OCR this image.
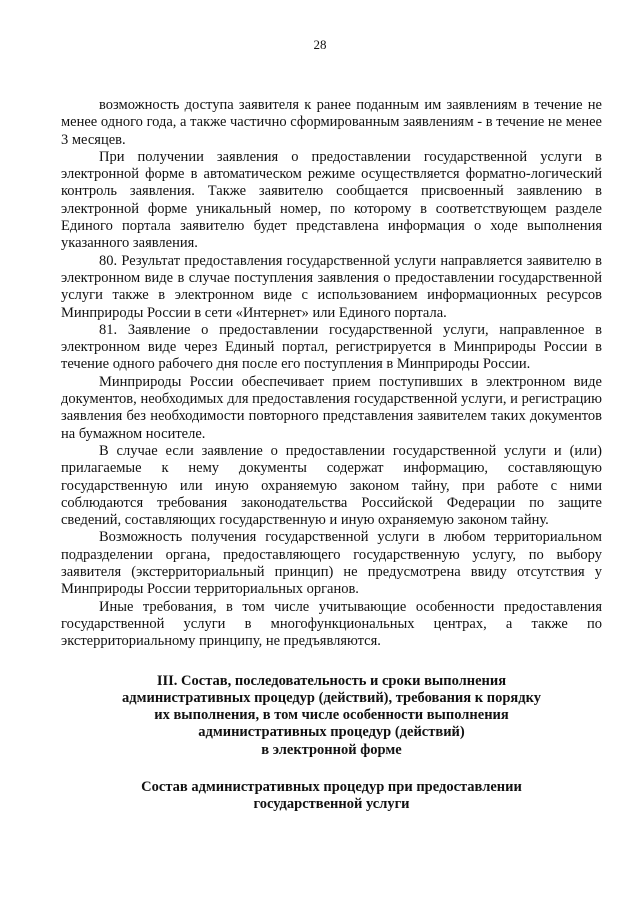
28

возможность доступа заявителя к ранее поданным им заявлениям в течение не менее одного года, а также частично сформированным заявлениям - в течение не менее 3 месяцев.

При получении заявления о предоставлении государственной услуги в электронной форме в автоматическом режиме осуществляется форматно-логический контроль заявления. Также заявителю сообщается присвоенный заявлению в электронной форме уникальный номер, по которому в соответствующем разделе Единого портала заявителю будет представлена информация о ходе выполнения указанного заявления.

80. Результат предоставления государственной услуги направляется заявителю в электронном виде в случае поступления заявления о предоставлении государственной услуги также в электронном виде с использованием информационных ресурсов Минприроды России в сети «Интернет» или Единого портала.

81. Заявление о предоставлении государственной услуги, направленное в электронном виде через Единый портал, регистрируется в Минприроды России в течение одного рабочего дня после его поступления в Минприроды России.

Минприроды России обеспечивает прием поступивших в электронном виде документов, необходимых для предоставления государственной услуги, и регистрацию заявления без необходимости повторного представления заявителем таких документов на бумажном носителе.

В случае если заявление о предоставлении государственной услуги и (или) прилагаемые к нему документы содержат информацию, составляющую государственную или иную охраняемую законом тайну, при работе с ними соблюдаются требования законодательства Российской Федерации по защите сведений, составляющих государственную и иную охраняемую законом тайну.

Возможность получения государственной услуги в любом территориальном подразделении органа, предоставляющего государственную услугу, по выбору заявителя (экстерриториальный принцип) не предусмотрена ввиду отсутствия у Минприроды России территориальных органов.

Иные требования, в том числе учитывающие особенности предоставления государственной услуги в многофункциональных центрах, а также по экстерриториальному принципу, не предъявляются.

III. Состав, последовательность и сроки выполнения
административных процедур (действий), требования к порядку
их выполнения, в том числе особенности выполнения
административных процедур (действий)
в электронной форме
Состав административных процедур при предоставлении
государственной услуги
